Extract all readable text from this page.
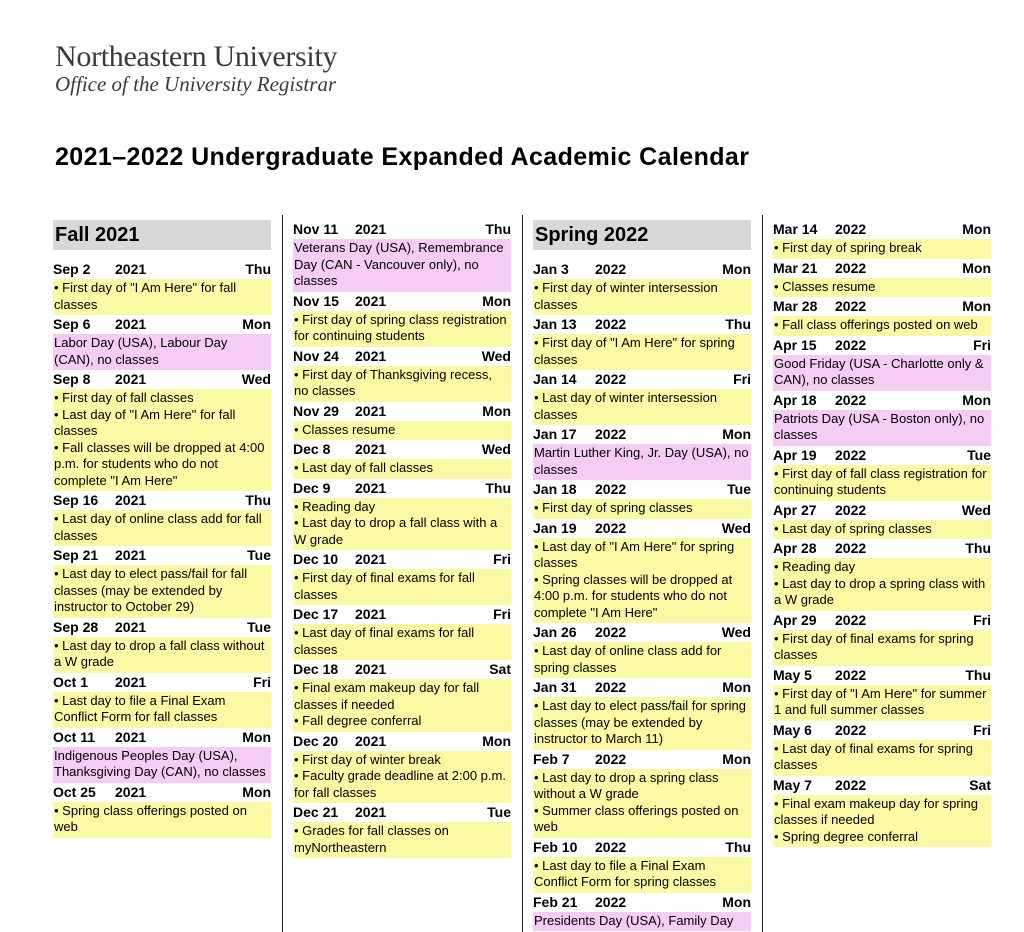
Northeastern University
Office of the University Registrar
2021–2022 Undergraduate Expanded Academic Calendar
Fall 2021
Sep 2	2021	Thu
• First day of "I Am Here" for fall classes
Sep 6	2021	Mon
Labor Day (USA), Labour Day (CAN), no classes
Sep 8	2021	Wed
• First day of fall classes
• Last day of "I Am Here" for fall classes
• Fall classes will be dropped at 4:00 p.m. for students who do not complete "I Am Here"
Sep 16	2021	Thu
• Last day of online class add for fall classes
Sep 21	2021	Tue
• Last day to elect pass/fail for fall classes (may be extended by instructor to October 29)
Sep 28	2021	Tue
• Last day to drop a fall class without a W grade
Oct 1	2021	Fri
• Last day to file a Final Exam Conflict Form for fall classes
Oct 11	2021	Mon
Indigenous Peoples Day (USA), Thanksgiving Day (CAN), no classes
Oct 25	2021	Mon
• Spring class offerings posted on web
Nov 11	2021	Thu
Veterans Day (USA), Remembrance Day (CAN - Vancouver only), no classes
Nov 15	2021	Mon
• First day of spring class registration for continuing students
Nov 24	2021	Wed
• First day of Thanksgiving recess, no classes
Nov 29	2021	Mon
• Classes resume
Dec 8	2021	Wed
• Last day of fall classes
Dec 9	2021	Thu
• Reading day
• Last day to drop a fall class with a W grade
Dec 10	2021	Fri
• First day of final exams for fall classes
Dec 17	2021	Fri
• Last day of final exams for fall classes
Dec 18	2021	Sat
• Final exam makeup day for fall classes if needed
• Fall degree conferral
Dec 20	2021	Mon
• First day of winter break
• Faculty grade deadline at 2:00 p.m. for fall classes
Dec 21	2021	Tue
• Grades for fall classes on myNortheastern
Spring 2022
Jan 3	2022	Mon
• First day of winter intersession classes
Jan 13	2022	Thu
• First day of "I Am Here" for spring classes
Jan 14	2022	Fri
• Last day of winter intersession classes
Jan 17	2022	Mon
Martin Luther King, Jr. Day (USA), no classes
Jan 18	2022	Tue
• First day of spring classes
Jan 19	2022	Wed
• Last day of "I Am Here" for spring classes
• Spring classes will be dropped at 4:00 p.m. for students who do not complete "I Am Here"
Jan 26	2022	Wed
• Last day of online class add for spring classes
Jan 31	2022	Mon
• Last day to elect pass/fail for spring classes (may be extended by instructor to March 11)
Feb 7	2022	Mon
• Last day to drop a spring class without a W grade
• Summer class offerings posted on web
Feb 10	2022	Thu
• Last day to file a Final Exam Conflict Form for spring classes
Feb 21	2022	Mon
Presidents Day (USA), Family Day
Mar 14	2022	Mon
• First day of spring break
Mar 21	2022	Mon
• Classes resume
Mar 28	2022	Mon
• Fall class offerings posted on web
Apr 15	2022	Fri
Good Friday (USA - Charlotte only & CAN), no classes
Apr 18	2022	Mon
Patriots Day (USA - Boston only), no classes
Apr 19	2022	Tue
• First day of fall class registration for continuing students
Apr 27	2022	Wed
• Last day of spring classes
Apr 28	2022	Thu
• Reading day
• Last day to drop a spring class with a W grade
Apr 29	2022	Fri
• First day of final exams for spring classes
May 5	2022	Thu
• First day of "I Am Here" for summer 1 and full summer classes
May 6	2022	Fri
• Last day of final exams for spring classes
May 7	2022	Sat
• Final exam makeup day for spring classes if needed
• Spring degree conferral
